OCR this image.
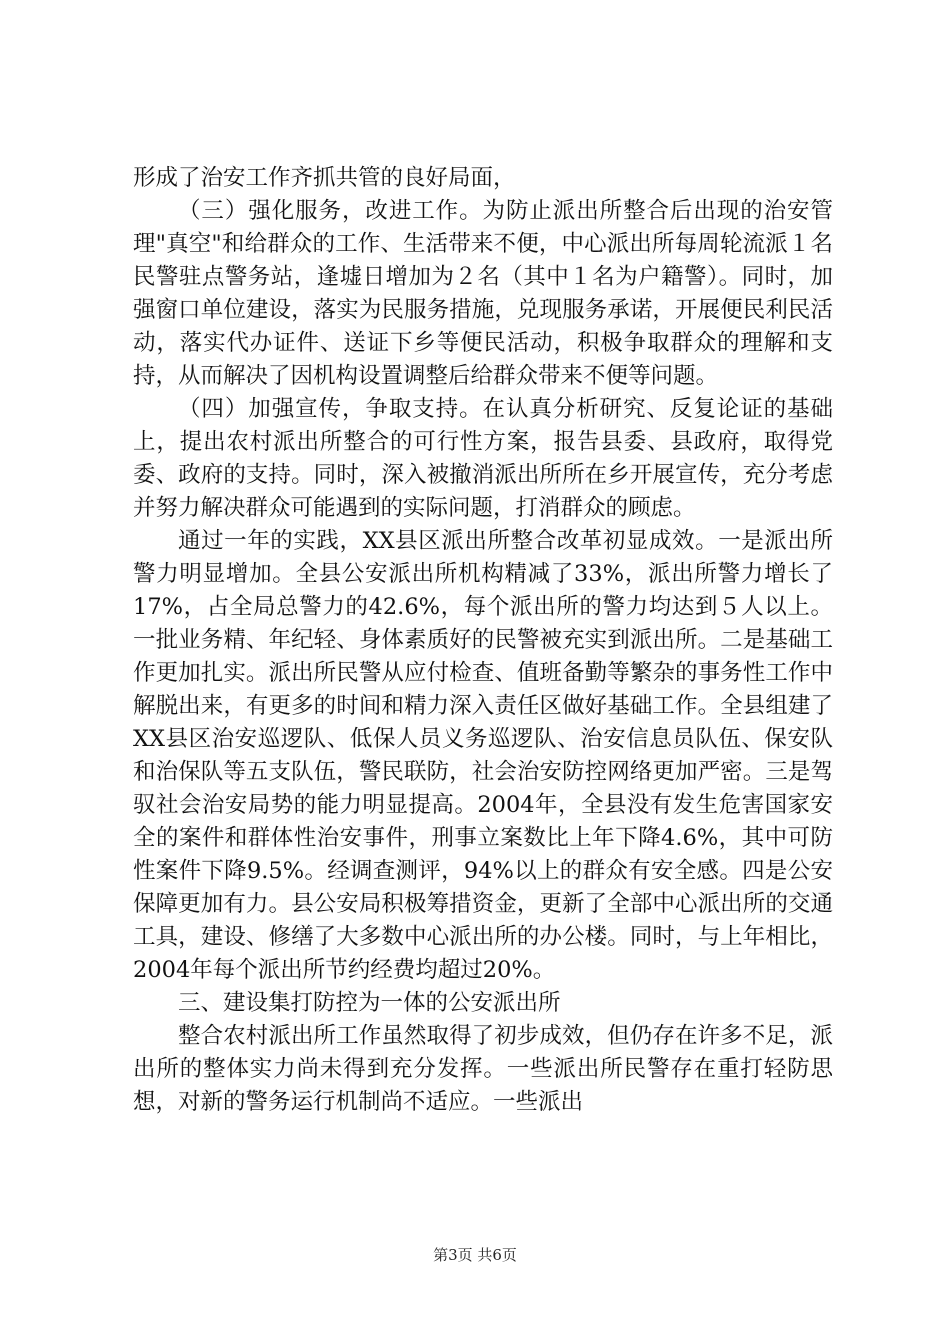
形成了治安工作齐抓共管的良好局面，

（三）强化服务，改进工作。为防止派出所整合后出现的治安管理"真空"和给群众的工作、生活带来不便，中心派出所每周轮流派１名民警驻点警务站，逢墟日增加为２名（其中１名为户籍警）。同时，加强窗口单位建设，落实为民服务措施，兑现服务承诺，开展便民利民活动，落实代办证件、送证下乡等便民活动，积极争取群众的理解和支持，从而解决了因机构设置调整后给群众带来不便等问题。

（四）加强宣传，争取支持。在认真分析研究、反复论证的基础上，提出农村派出所整合的可行性方案，报告县委、县政府，取得党委、政府的支持。同时，深入被撤消派出所所在乡开展宣传，充分考虑并努力解决群众可能遇到的实际问题，打消群众的顾虑。

通过一年的实践，XX县区派出所整合改革初显成效。一是派出所警力明显增加。全县公安派出所机构精减了33%，派出所警力增长了17%，占全局总警力的42.6%，每个派出所的警力均达到５人以上。一批业务精、年纪轻、身体素质好的民警被充实到派出所。二是基础工作更加扎实。派出所民警从应付检查、值班备勤等繁杂的事务性工作中解脱出来，有更多的时间和精力深入责任区做好基础工作。全县组建了XX县区治安巡逻队、低保人员义务巡逻队、治安信息员队伍、保安队和治保队等五支队伍，警民联防，社会治安防控网络更加严密。三是驾驭社会治安局势的能力明显提高。2004年，全县没有发生危害国家安全的案件和群体性治安事件，刑事立案数比上年下降4.6%，其中可防性案件下降9.5%。经调查测评，94%以上的群众有安全感。四是公安保障更加有力。县公安局积极筹措资金，更新了全部中心派出所的交通工具，建设、修缮了大多数中心派出所的办公楼。同时，与上年相比，2004年每个派出所节约经费均超过20%。

三、建设集打防控为一体的公安派出所

整合农村派出所工作虽然取得了初步成效，但仍存在许多不足，派出所的整体实力尚未得到充分发挥。一些派出所民警存在重打轻防思想，对新的警务运行机制尚不适应。一些派出

第3页 共6页
